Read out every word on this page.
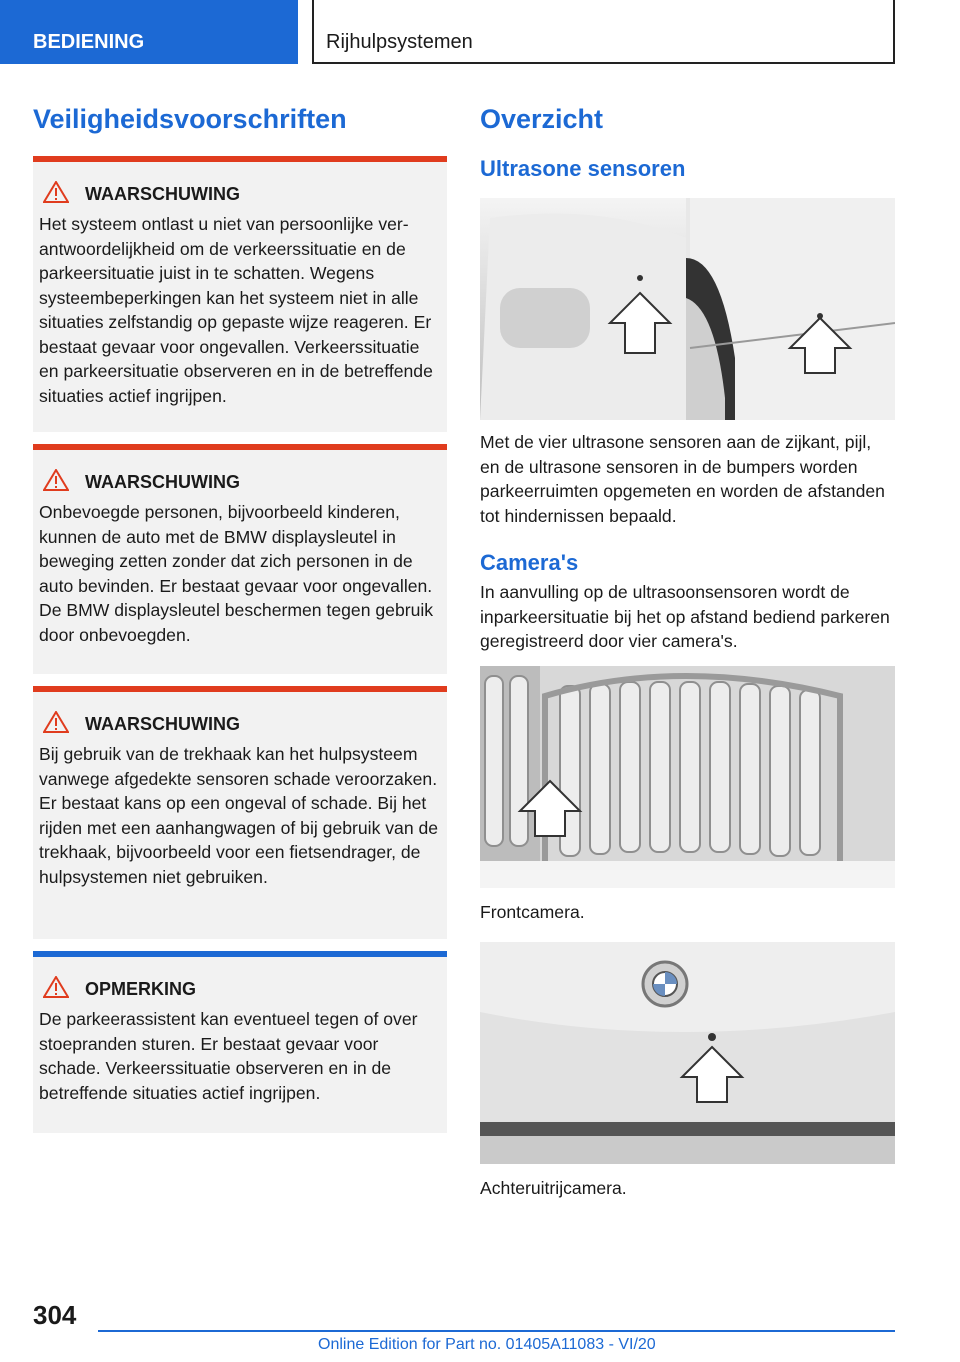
BEDIENING	Rijhulpsystemen
Veiligheidsvoorschriften
WAARSCHUWING

Het systeem ontlast u niet van persoonlijke verantwoordelijkheid om de verkeerssituatie en de parkeersituatie juist in te schatten. Wegens systeembeperkingen kan het systeem niet in alle situaties zelfstandig op gepaste wijze reageren. Er bestaat gevaar voor ongevallen. Verkeerssituatie en parkeersituatie observeren en in de betreffende situaties actief ingrijpen.

WAARSCHUWING

Onbevoegde personen, bijvoorbeeld kinderen, kunnen de auto met de BMW displaysleutel in beweging zetten zonder dat zich personen in de auto bevinden. Er bestaat gevaar voor ongevallen. De BMW displaysleutel beschermen tegen gebruik door onbevoegden.

WAARSCHUWING

Bij gebruik van de trekhaak kan het hulpsysteem vanwege afgedekte sensoren schade veroorzaken. Er bestaat kans op een ongeval of schade. Bij het rijden met een aanhangwagen of bij gebruik van de trekhaak, bijvoorbeeld voor een fietsendrager, de hulpsystemen niet gebruiken.

OPMERKING

De parkeerassistent kan eventueel tegen of over stoepranden sturen. Er bestaat gevaar voor schade. Verkeerssituatie observeren en in de betreffende situaties actief ingrijpen.

Overzicht
Ultrasone sensoren

Met de vier ultrasone sensoren aan de zijkant, pijl, en de ultrasone sensoren in de bumpers worden parkeerruimten opgemeten en worden de afstanden tot hindernissen bepaald.

Camera's

In aanvulling op de ultrasoonsensoren wordt de inparkeersituatie bij het op afstand bediend parkeren geregistreerd door vier camera's.

Frontcamera.

Achteruitrijcamera.

304
Online Edition for Part no. 01405A11083 - VI/20
